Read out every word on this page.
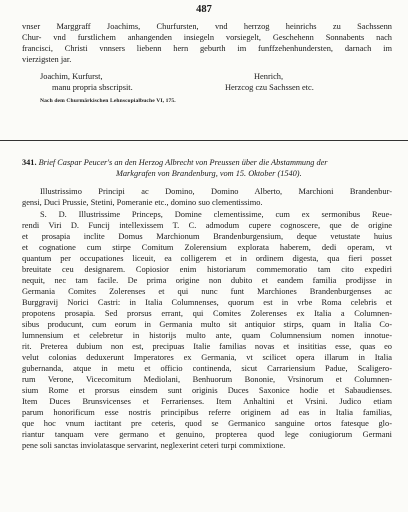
487
vnser Marggraff Joachims, Churfursten, vnd herrzog heinrichs zu Sachssenn
Chur- vnd furstlichem anhangenden insiegeln vorsiegelt, Geschehenn Sonnabents nach
francisci, Christi vnnsers liebenn hern geburth im funffzehenhundersten, darnach im
vierzigsten jar.
Joachim, Kurfurst,
manu propria sbscripsit.
Henrich,
Herzcog czu Sachssen etc.
Nach dem Churmärkischen Lehnscopialbuche VI, 175.
341. Brief Caspar Peucer's an den Herzog Albrecht von Preussen über die Abstammung der
Markgrafen von Brandenburg, vom 15. Oktober (1540).
Illustrissimo Principi ac Domino, Domino Alberto, Marchioni Brandenbur-
gensi, Duci Prussie, Stetini, Pomeranie etc., domino suo clementissimo.
S. D. Illustrissime Princeps, Domine clementissime, cum ex sermonibus Reue-
rendi Viri D. Funcij intellexissem T. C. admodum cupere cognoscere, que de origine
et prosapia inclite Domus Marchionum Brandenburgensium, deque vetustate huius
et cognatione cum stirpe Comitum Zolerensium explorata haberem, dedi operam, vt
quantum per occupationes liceuit, ea colligerem et in ordinem digesta, qua fieri posset
breuitate ceu designarem. Copiosior enim historiarum commemoratio tam cito expediri
nequit, nec tam facile. De prima origine non dubito et eandem familia prodijsse in
Germania Comites Zolerenses et qui nunc funt Marchiones Brandenburgenses ac
Burggravij Norici Castri: in Italia Columnenses, quorum est in vrbe Roma celebris et
propotens prosapia. Sed prorsus errant, qui Comites Zolerenses ex Italia a Columnen-
sibus producunt, cum eorum in Germania multo sit antiquior stirps, quam in Italia Co-
lumnensium et celebretur in historijs multo ante, quam Columnensium nomen innotue-
rit. Preterea dubium non est, precipuas Italie familias novas et insititias esse, quas eo
velut colonias deduxerunt Imperatores ex Germania, vt scilicet opera illarum in Italia
gubernanda, atque in metu et officio continenda, sicut Carrariensium Padue, Scaligero-
rum Verone, Vicecomitum Mediolani, Benhuorum Bononie, Vrsinorum et Columnen-
sium Rome et prorsus einsdem sunt originis Duces Saxonice hodie et Sabaudienses.
Item Duces Brunsvicenses et Ferrarienses. Item Anhaltini et Vrsini. Judico etiam
parum honorificum esse nostris principibus referre originem ad eas in Italia familias,
que hoc vnum iactitant pre ceteris, quod se Germanico sanguine ortos fatesque glo-
riantur tanquam vere germano et genuino, propterea quod lege coniugiorum Germani
pene soli sanctas inviolatasque servarint, neglexerint ceteri turpi commixtione.
